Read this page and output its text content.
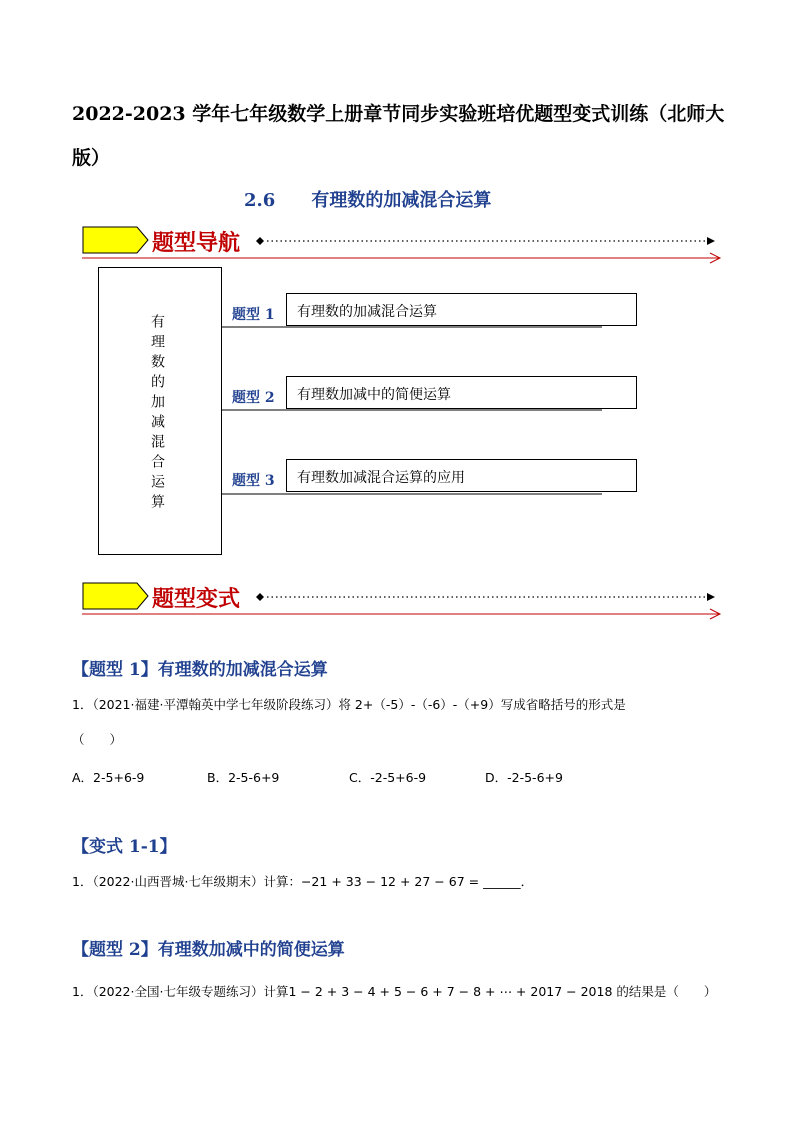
2022-2023 学年七年级数学上册章节同步实验班培优题型变式训练（北师大版）
2.6　　有理数的加减混合运算
题型导航
有理数的加减混合运算	题型 1 有理数的加减混合运算
题型 2 有理数加减中的简便运算
题型 3 有理数加减混合运算的应用
题型变式
【题型 1】有理数的加减混合运算
1．（2021·福建·平潭翰英中学七年级阶段练习）将 2+（-5）-（-6）-（+9）写成省略括号的形式是
（　　）
A．2-5+6-9	B．2-5-6+9	C．-2-5+6-9	D．-2-5-6+9
【变式 1-1】
1．（2022·山西晋城·七年级期末）计算：−21 + 33 − 12 + 27 − 67 = ______．
【题型 2】有理数加减中的简便运算
1．（2022·全国·七年级专题练习）计算1 − 2 + 3 − 4 + 5 − 6 + 7 − 8 + ⋯ + 2017 − 2018 的结果是（　　）
